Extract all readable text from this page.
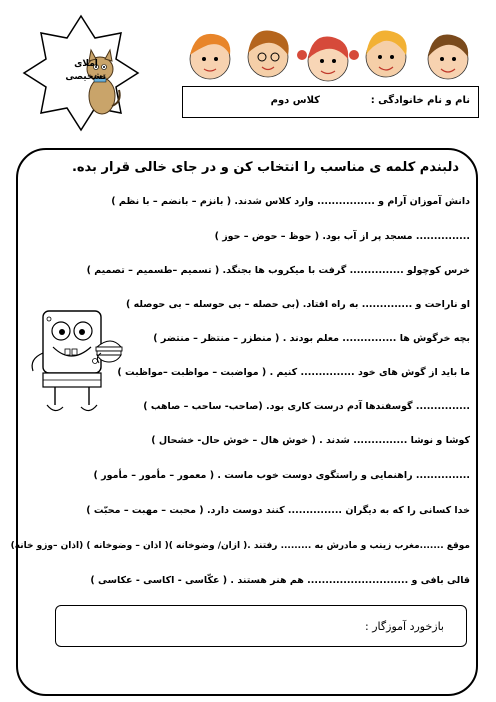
املای
تشخیصی
نام و نام خانوادگی :
کلاس دوم
دلبندم کلمه ی مناسب را انتخاب کن و در جای خالی قرار بده.
دانش آموزان آرام و ................ وارد کلاس شدند. ( بانزم – بانضم – با نظم )
............... مسجد پر از آب بود. ( حوظ – حوض – حوز )
خرس کوچولو ............... گرفت با میکروب ها بجنگد. ( تسمیم –طسمیم – تصمیم )
او ناراحت و .............. به راه افتاد. (بی حصله – بی حوسله – بی حوصله )
بچه خرگوش ها ............... معلم بودند . ( منطزر – منتظر – منتضر )
ما باید از گوش های خود ............... کنیم . ( مواضبت – مواظبت –مواظبت )
............... گوسفندها آدم درست کاری بود. (صاحب- ساحب – صاهب )
کوشا و نوشا ............... شدند . ( خوش هال – خوش حال- خشحال )
............... راهنمایی و راستگوی دوست خوب ماست . ( معمور – مأمور – مأمور )
خدا کسانی را که به دیگران ............... کنند دوست دارد. ( محبت – مهبت – محبّت )
موقع .......مغرب زینب و مادرش به ......... رفتند .( ازان/ وضوخانه )( اذان – وضوخانه ) (اذان –وزو خانه)
قالی بافی و ............................ هم هنر هستند . ( عکّاسی - اکاسی - عکاسی )
بازخورد آموزگار :
